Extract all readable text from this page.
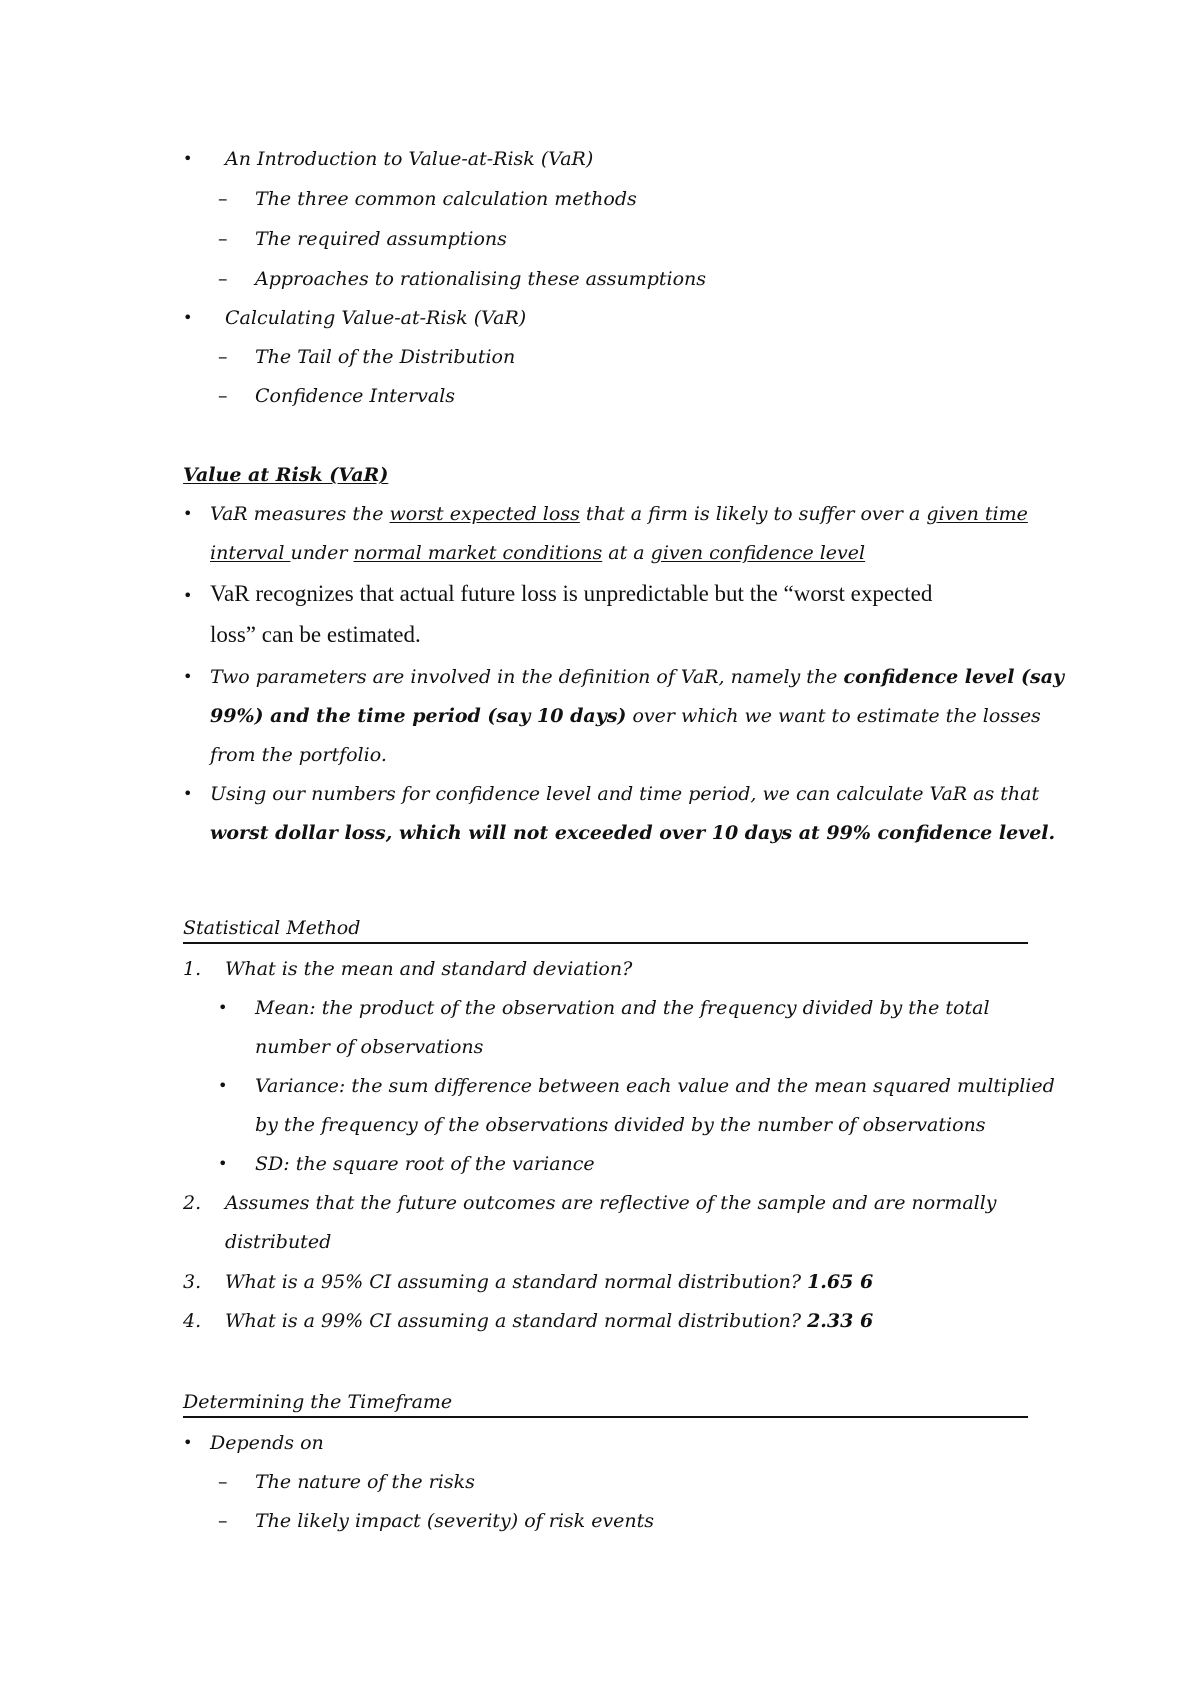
• An Introduction to Value-at-Risk (VaR)
– The three common calculation methods
– The required assumptions
– Approaches to rationalising these assumptions
• Calculating Value-at-Risk (VaR)
– The Tail of the Distribution
– Confidence Intervals
Value at Risk (VaR)
• VaR measures the worst expected loss that a firm is likely to suffer over a given time
interval under normal market conditions at a given confidence level
• VaR recognizes that actual future loss is unpredictable but the “worst expected
loss” can be estimated.
• Two parameters are involved in the definition of VaR, namely the confidence level (say
99%) and the time period (say 10 days) over which we want to estimate the losses
from the portfolio.
• Using our numbers for confidence level and time period, we can calculate VaR as that
worst dollar loss, which will not exceeded over 10 days at 99% confidence level.
Statistical Method
1. What is the mean and standard deviation?
• Mean: the product of the observation and the frequency divided by the total
number of observations
• Variance: the sum difference between each value and the mean squared multiplied
by the frequency of the observations divided by the number of observations
• SD: the square root of the variance
2. Assumes that the future outcomes are reflective of the sample and are normally
distributed
3. What is a 95% CI assuming a standard normal distribution? 1.65 6
4. What is a 99% CI assuming a standard normal distribution? 2.33 6
Determining the Timeframe
• Depends on
– The nature of the risks
– The likely impact (severity) of risk events
